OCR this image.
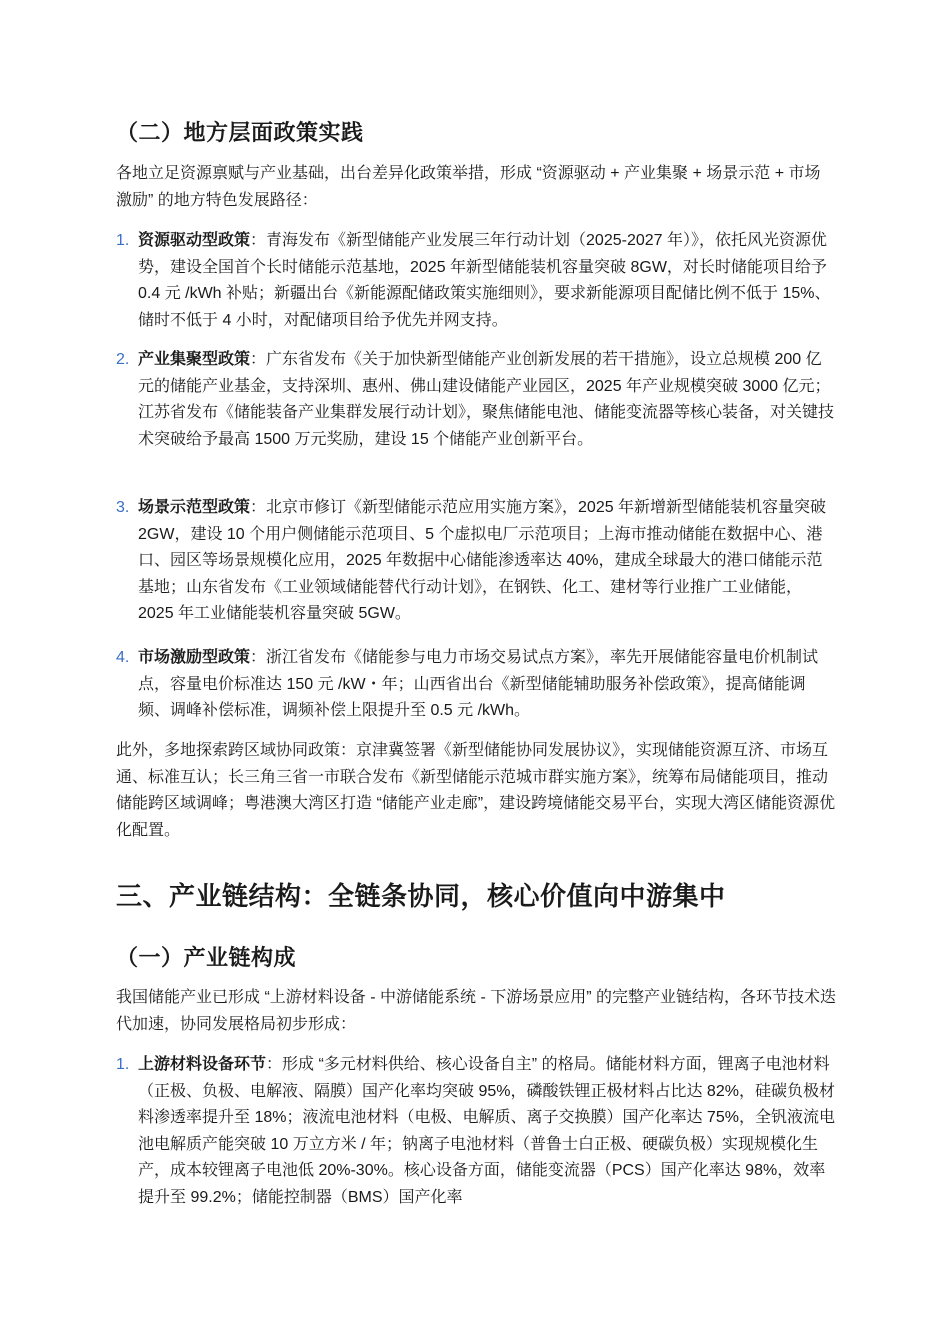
（二）地方层面政策实践

各地立足资源禀赋与产业基础，出台差异化政策举措，形成 “资源驱动 + 产业集聚 + 场景示范 + 市场激励” 的地方特色发展路径：

1. 资源驱动型政策：青海发布《新型储能产业发展三年行动计划（2025-2027 年）》，依托风光资源优势，建设全国首个长时储能示范基地，2025 年新型储能装机容量突破 8GW，对长时储能项目给予 0.4 元 /kWh 补贴；新疆出台《新能源配储政策实施细则》，要求新能源项目配储比例不低于 15%、储时不低于 4 小时，对配储项目给予优先并网支持。
2. 产业集聚型政策：广东省发布《关于加快新型储能产业创新发展的若干措施》，设立总规模 200 亿元的储能产业基金，支持深圳、惠州、佛山建设储能产业园区，2025 年产业规模突破 3000 亿元；江苏省发布《储能装备产业集群发展行动计划》，聚焦储能电池、储能变流器等核心装备，对关键技术突破给予最高 1500 万元奖励，建设 15 个储能产业创新平台。
3. 场景示范型政策：北京市修订《新型储能示范应用实施方案》，2025 年新增新型储能装机容量突破 2GW，建设 10 个用户侧储能示范项目、5 个虚拟电厂示范项目；上海市推动储能在数据中心、港口、园区等场景规模化应用，2025 年数据中心储能渗透率达 40%，建成全球最大的港口储能示范基地；山东省发布《工业领域储能替代行动计划》，在钢铁、化工、建材等行业推广工业储能，2025 年工业储能装机容量突破 5GW。
4. 市场激励型政策：浙江省发布《储能参与电力市场交易试点方案》，率先开展储能容量电价机制试点，容量电价标准达 150 元 /kW・年；山西省出台《新型储能辅助服务补偿政策》，提高储能调频、调峰补偿标准，调频补偿上限提升至 0.5 元 /kWh。

此外，多地探索跨区域协同政策：京津冀签署《新型储能协同发展协议》，实现储能资源互济、市场互通、标准互认；长三角三省一市联合发布《新型储能示范城市群实施方案》，统筹布局储能项目，推动储能跨区域调峰；粤港澳大湾区打造 “储能产业走廊”，建设跨境储能交易平台，实现大湾区储能资源优化配置。

三、产业链结构：全链条协同，核心价值向中游集中
（一）产业链构成

我国储能产业已形成 “上游材料设备 - 中游储能系统 - 下游场景应用” 的完整产业链结构，各环节技术迭代加速，协同发展格局初步形成：

1. 上游材料设备环节：形成 “多元材料供给、核心设备自主” 的格局。储能材料方面，锂离子电池材料（正极、负极、电解液、隔膜）国产化率均突破 95%，磷酸铁锂正极材料占比达 82%，硅碳负极材料渗透率提升至 18%；液流电池材料（电极、电解质、离子交换膜）国产化率达 75%，全钒液流电池电解质产能突破 10 万立方米 / 年；钠离子电池材料（普鲁士白正极、硬碳负极）实现规模化生产，成本较锂离子电池低 20%-30%。核心设备方面，储能变流器（PCS）国产化率达 98%，效率提升至 99.2%；储能控制器（BMS）国产化率
